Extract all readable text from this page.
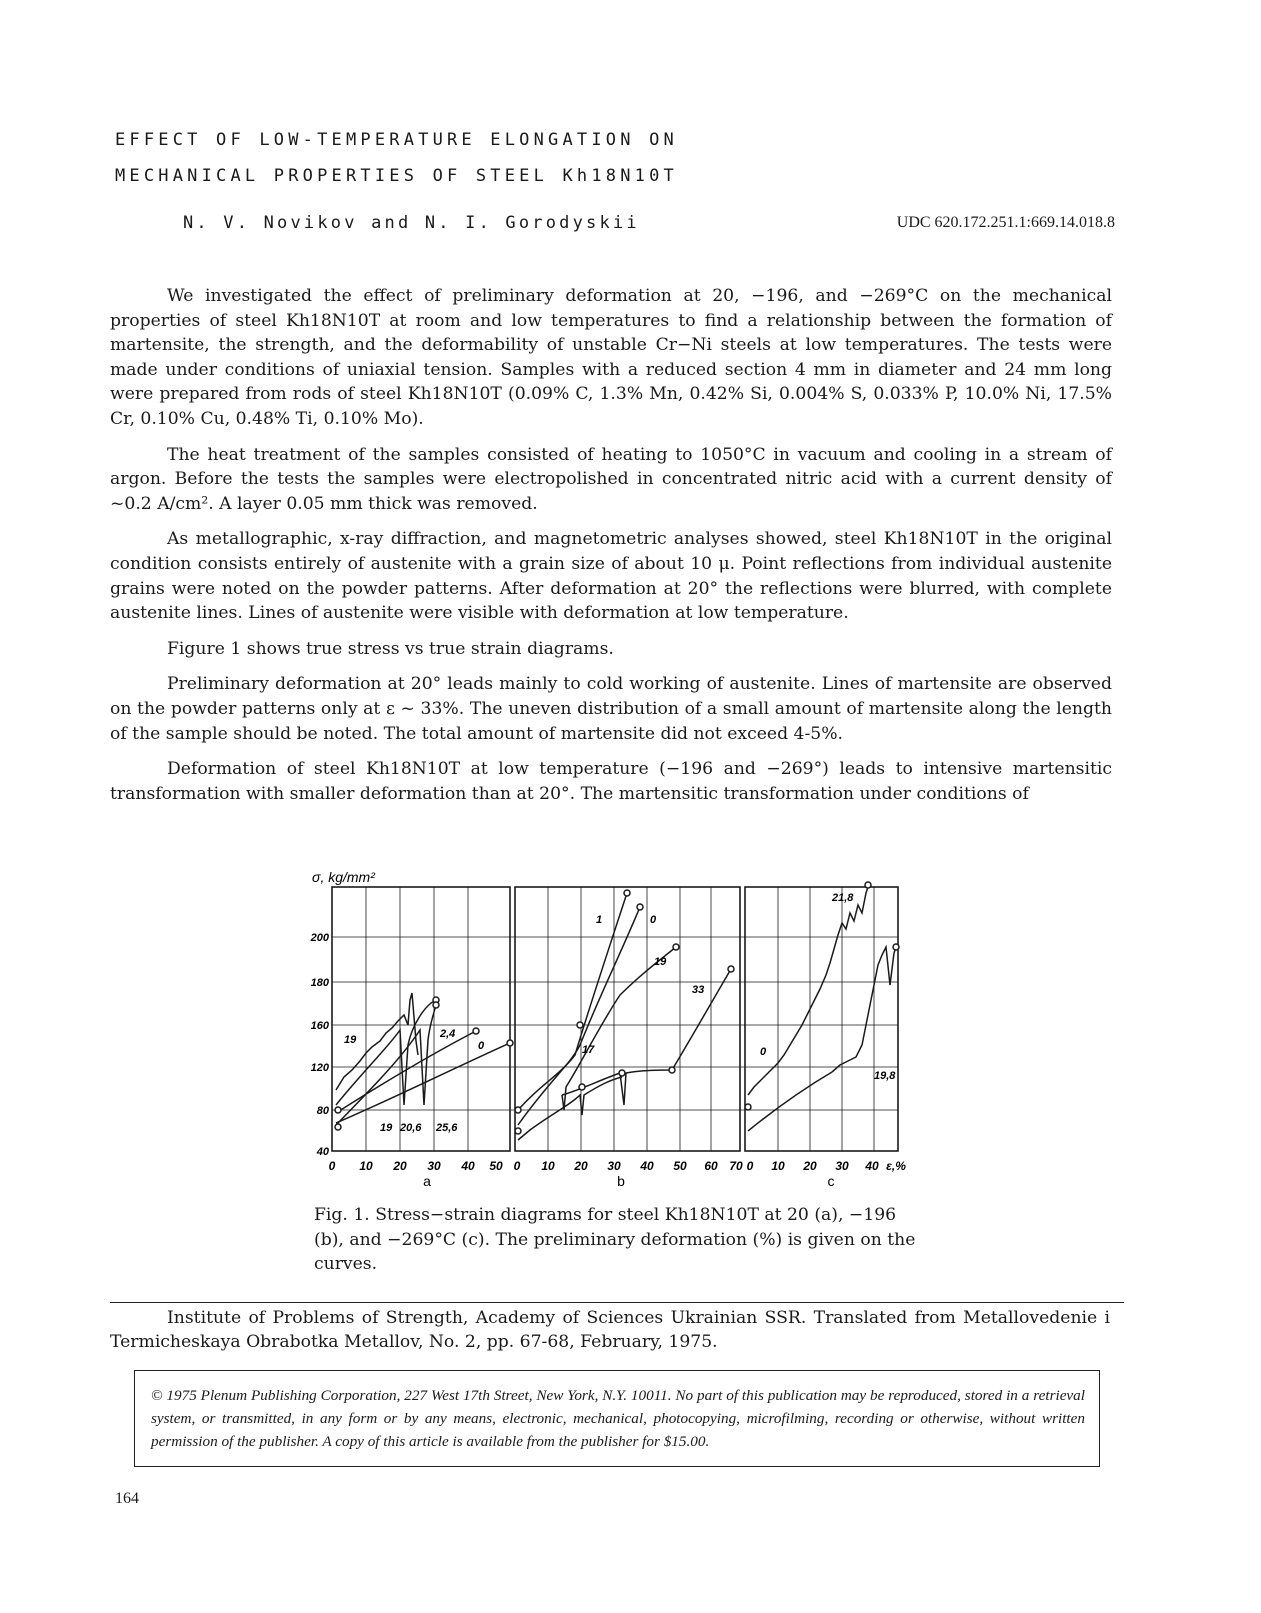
EFFECT OF LOW-TEMPERATURE ELONGATION ON
MECHANICAL PROPERTIES OF STEEL Kh18N10T
N. V. Novikov and N. I. Gorodyskii	UDC 620.172.251.1:669.14.018.8

We investigated the effect of preliminary deformation at 20, −196, and −269°C on the mechanical properties of steel Kh18N10T at room and low temperatures to find a relationship between the formation of martensite, the strength, and the deformability of unstable Cr−Ni steels at low temperatures. The tests were made under conditions of uniaxial tension. Samples with a reduced section 4 mm in diameter and 24 mm long were prepared from rods of steel Kh18N10T (0.09% C, 1.3% Mn, 0.42% Si, 0.004% S, 0.033% P, 10.0% Ni, 17.5% Cr, 0.10% Cu, 0.48% Ti, 0.10% Mo).

The heat treatment of the samples consisted of heating to 1050°C in vacuum and cooling in a stream of argon. Before the tests the samples were electropolished in concentrated nitric acid with a current density of ~0.2 A/cm². A layer 0.05 mm thick was removed.

As metallographic, x-ray diffraction, and magnetometric analyses showed, steel Kh18N10T in the original condition consists entirely of austenite with a grain size of about 10 μ. Point reflections from individual austenite grains were noted on the powder patterns. After deformation at 20° the reflections were blurred, with complete austenite lines. Lines of austenite were visible with deformation at low temperature.

Figure 1 shows true stress vs true strain diagrams.

Preliminary deformation at 20° leads mainly to cold working of austenite. Lines of martensite are observed on the powder patterns only at ε ~ 33%. The uneven distribution of a small amount of martensite along the length of the sample should be noted. The total amount of martensite did not exceed 4-5%.

Deformation of steel Kh18N10T at low temperature (−196 and −269°) leads to intensive martensitic transformation with smaller deformation than at 20°. The martensitic transformation under conditions of

σ, kg/mm²
40
80
120
160
180
200
0 10 20 30 40 50 0 10 20 30 40 50 60 70 0 10 20 30 40 ε,%
a	b	c
19	2,4
0
19 20,6 25,6
1	0
19
33
17
21,8
0
19,8
Fig. 1. Stress−strain diagrams for steel Kh18N10T at 20 (a), −196 (b), and −269°C (c). The preliminary deformation (%) is given on the curves.
Institute of Problems of Strength, Academy of Sciences Ukrainian SSR. Translated from Metallovedenie i Termicheskaya Obrabotka Metallov, No. 2, pp. 67-68, February, 1975.
© 1975 Plenum Publishing Corporation, 227 West 17th Street, New York, N.Y. 10011. No part of this publication may be reproduced, stored in a retrieval system, or transmitted, in any form or by any means, electronic, mechanical, photocopying, microfilming, recording or otherwise, without written permission of the publisher. A copy of this article is available from the publisher for $15.00.
164
